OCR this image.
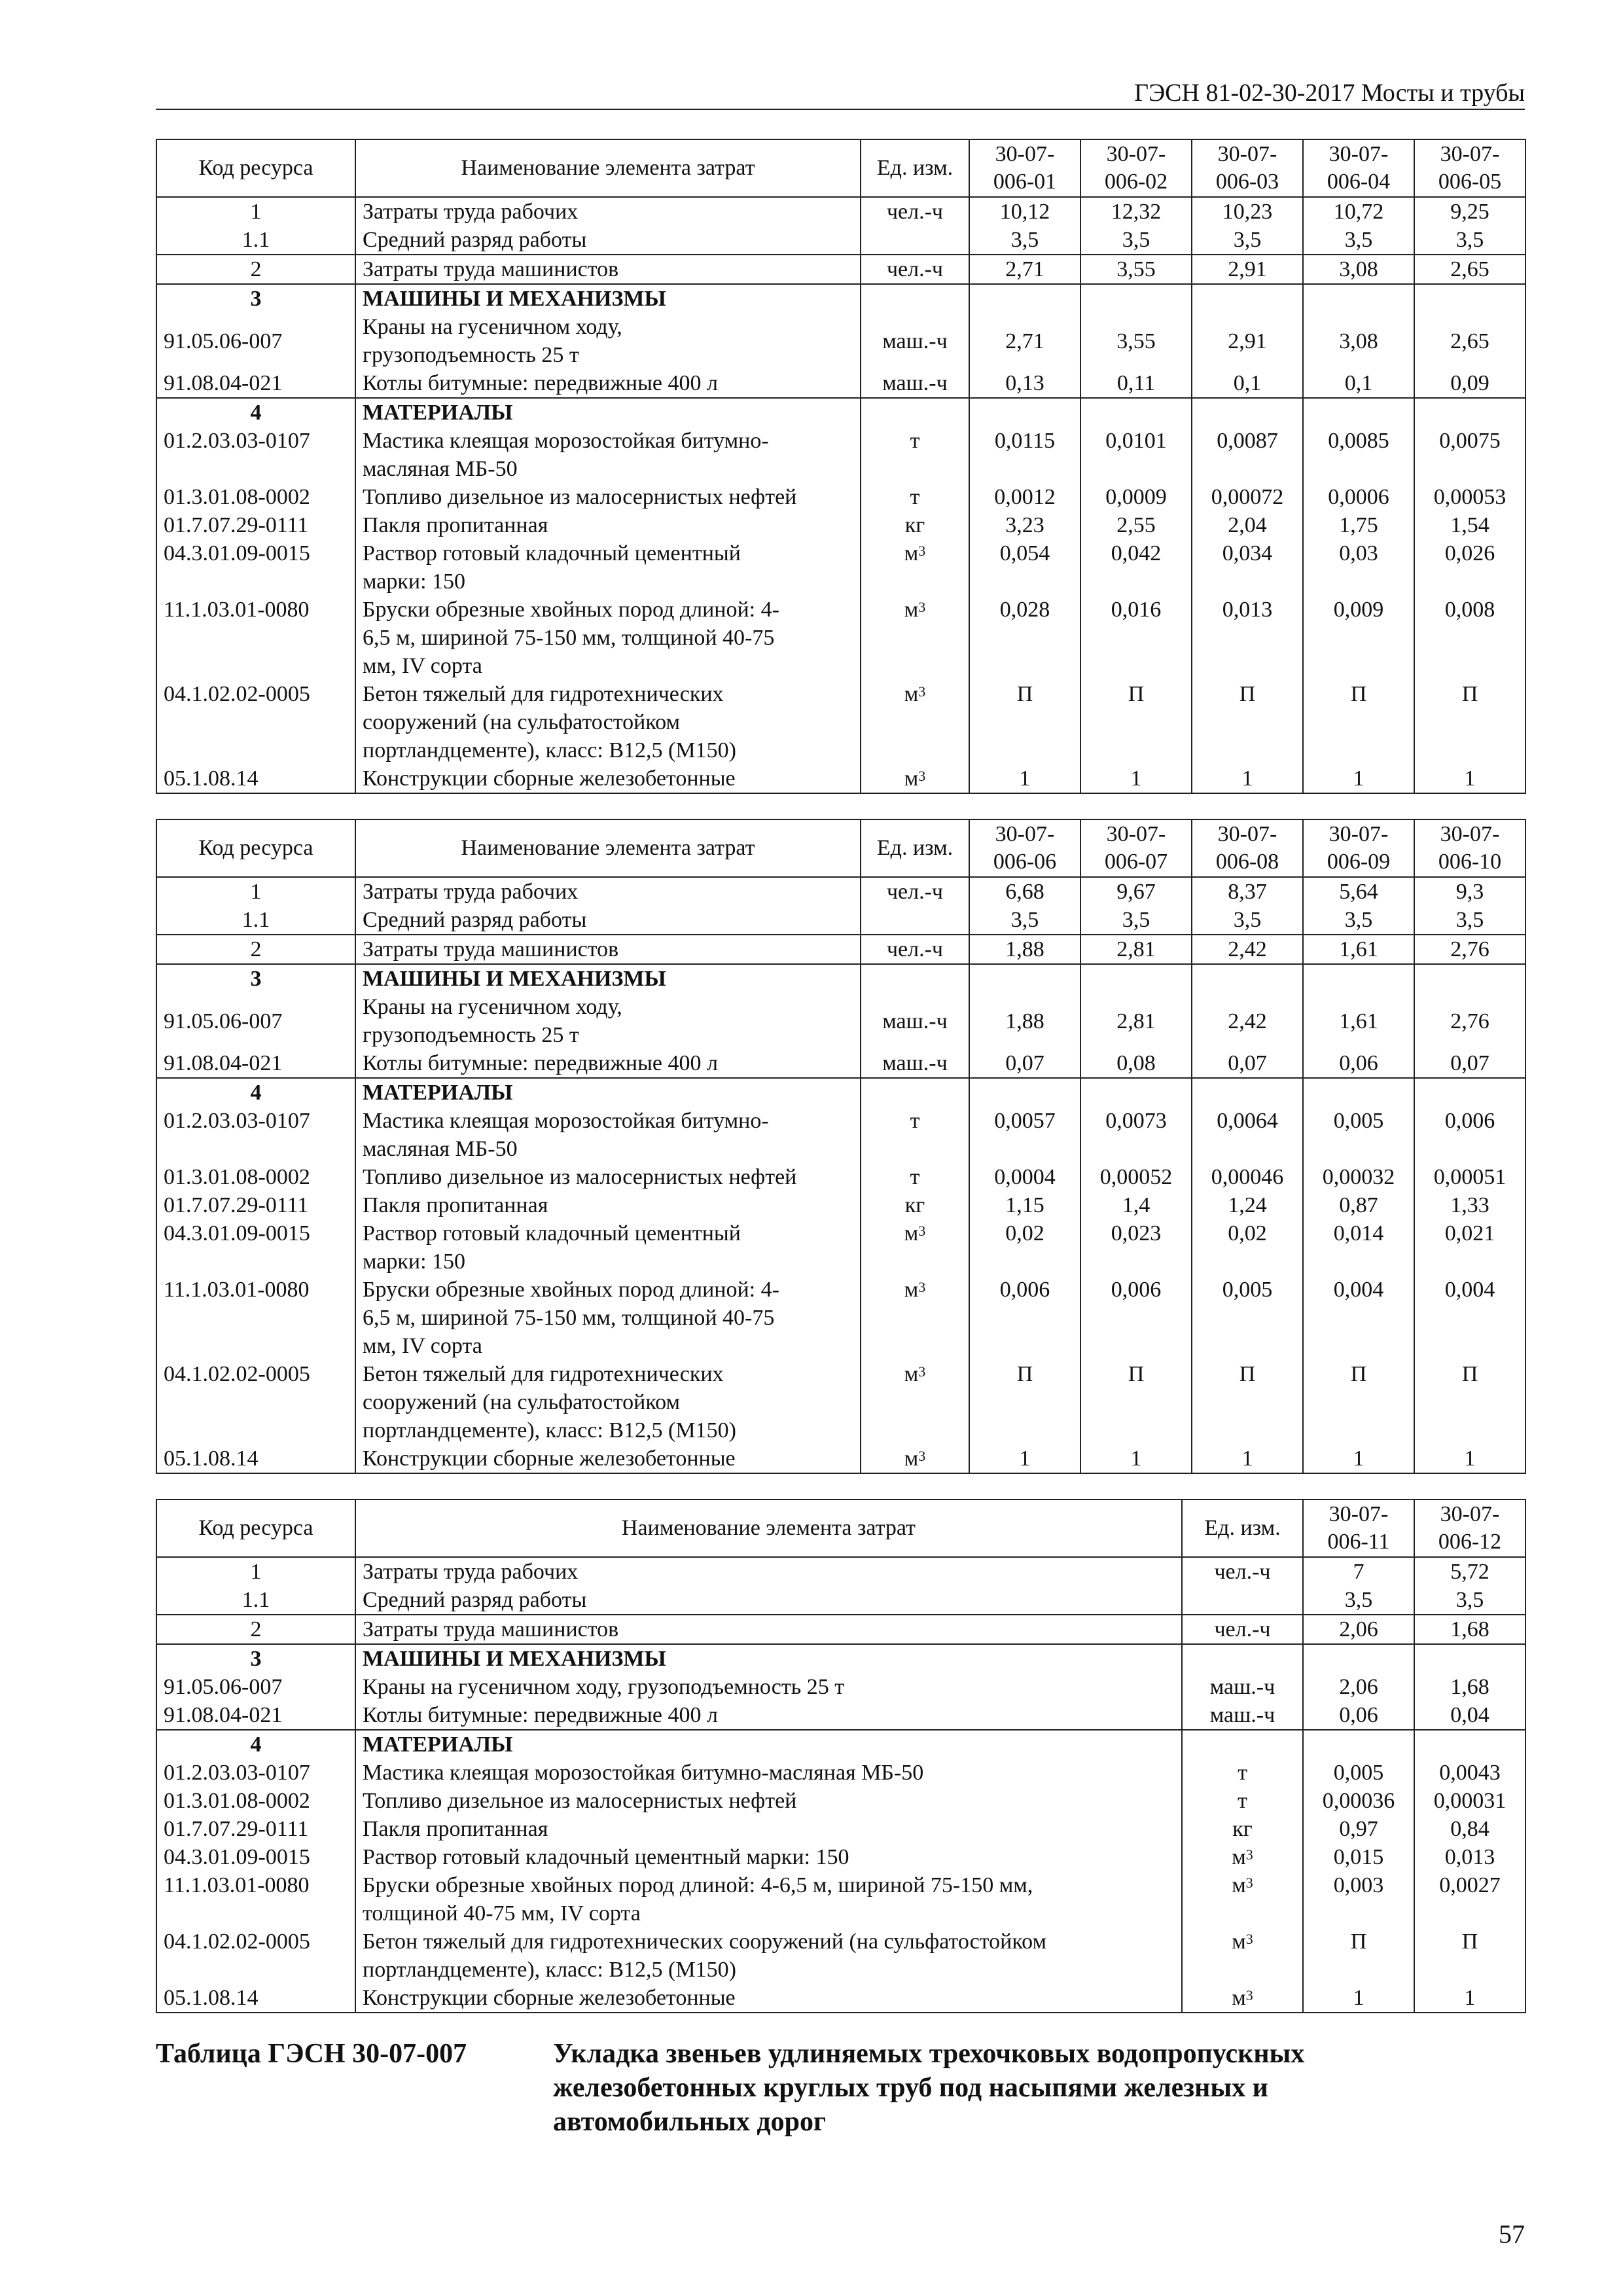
ГЭСН 81-02-30-2017 Мосты и трубы
Код ресурса	Наименование элемента затрат	Ед. изм.	30-07-
006-01	30-07-
006-02	30-07-
006-03	30-07-
006-04	30-07-
006-05
1	Затраты труда рабочих	чел.-ч	10,12	12,32	10,23	10,72	9,25
1.1	Средний разряд работы		3,5	3,5	3,5	3,5	3,5
2	Затраты труда машинистов	чел.-ч	2,71	3,55	2,91	3,08	2,65
3	МАШИНЫ И МЕХАНИЗМЫ						
91.05.06-007	Краны на гусеничном ходу,
грузоподъемность 25 т	маш.-ч	2,71	3,55	2,91	3,08	2,65
91.08.04-021	Котлы битумные: передвижные 400 л	маш.-ч	0,13	0,11	0,1	0,1	0,09
4	МАТЕРИАЛЫ						
01.2.03.03-0107	Мастика клеящая морозостойкая битумно-
масляная МБ-50	т	0,0115	0,0101	0,0087	0,0085	0,0075
01.3.01.08-0002	Топливо дизельное из малосернистых нефтей	т	0,0012	0,0009	0,00072	0,0006	0,00053
01.7.07.29-0111	Пакля пропитанная	кг	3,23	2,55	2,04	1,75	1,54
04.3.01.09-0015	Раствор готовый кладочный цементный
марки: 150	$м^3$	0,054	0,042	0,034	0,03	0,026
11.1.03.01-0080	Бруски обрезные хвойных пород длиной: 4-
6,5 м, шириной 75-150 мм, толщиной 40-75
мм, IV сорта	$м^3$	0,028	0,016	0,013	0,009	0,008
04.1.02.02-0005	Бетон тяжелый для гидротехнических
сооружений (на сульфатостойком
портландцементе), класс: В12,5 (М150)	$м^3$	П	П	П	П	П
05.1.08.14	Конструкции сборные железобетонные	$м^3$	1	1	1	1	1
Код ресурса	Наименование элемента затрат	Ед. изм.	30-07-
006-06	30-07-
006-07	30-07-
006-08	30-07-
006-09	30-07-
006-10
1	Затраты труда рабочих	чел.-ч	6,68	9,67	8,37	5,64	9,3
1.1	Средний разряд работы		3,5	3,5	3,5	3,5	3,5
2	Затраты труда машинистов	чел.-ч	1,88	2,81	2,42	1,61	2,76
3	МАШИНЫ И МЕХАНИЗМЫ						
91.05.06-007	Краны на гусеничном ходу,
грузоподъемность 25 т	маш.-ч	1,88	2,81	2,42	1,61	2,76
91.08.04-021	Котлы битумные: передвижные 400 л	маш.-ч	0,07	0,08	0,07	0,06	0,07
4	МАТЕРИАЛЫ						
01.2.03.03-0107	Мастика клеящая морозостойкая битумно-
масляная МБ-50	т	0,0057	0,0073	0,0064	0,005	0,006
01.3.01.08-0002	Топливо дизельное из малосернистых нефтей	т	0,0004	0,00052	0,00046	0,00032	0,00051
01.7.07.29-0111	Пакля пропитанная	кг	1,15	1,4	1,24	0,87	1,33
04.3.01.09-0015	Раствор готовый кладочный цементный
марки: 150	$м^3$	0,02	0,023	0,02	0,014	0,021
11.1.03.01-0080	Бруски обрезные хвойных пород длиной: 4-
6,5 м, шириной 75-150 мм, толщиной 40-75
мм, IV сорта	$м^3$	0,006	0,006	0,005	0,004	0,004
04.1.02.02-0005	Бетон тяжелый для гидротехнических
сооружений (на сульфатостойком
портландцементе), класс: В12,5 (М150)	$м^3$	П	П	П	П	П
05.1.08.14	Конструкции сборные железобетонные	$м^3$	1	1	1	1	1
Код ресурса	Наименование элемента затрат	Ед. изм.	30-07-
006-11	30-07-
006-12
1	Затраты труда рабочих	чел.-ч	7	5,72
1.1	Средний разряд работы		3,5	3,5
2	Затраты труда машинистов	чел.-ч	2,06	1,68
3	МАШИНЫ И МЕХАНИЗМЫ			
91.05.06-007	Краны на гусеничном ходу, грузоподъемность 25 т	маш.-ч	2,06	1,68
91.08.04-021	Котлы битумные: передвижные 400 л	маш.-ч	0,06	0,04
4	МАТЕРИАЛЫ			
01.2.03.03-0107	Мастика клеящая морозостойкая битумно-масляная МБ-50	т	0,005	0,0043
01.3.01.08-0002	Топливо дизельное из малосернистых нефтей	т	0,00036	0,00031
01.7.07.29-0111	Пакля пропитанная	кг	0,97	0,84
04.3.01.09-0015	Раствор готовый кладочный цементный марки: 150	$м^3$	0,015	0,013
11.1.03.01-0080	Бруски обрезные хвойных пород длиной: 4-6,5 м, шириной 75-150 мм,
толщиной 40-75 мм, IV сорта	$м^3$	0,003	0,0027
04.1.02.02-0005	Бетон тяжелый для гидротехнических сооружений (на сульфатостойком
портландцементе), класс: В12,5 (М150)	$м^3$	П	П
05.1.08.14	Конструкции сборные железобетонные	$м^3$	1	1
Таблица ГЭСН 30-07-007	Укладка звеньев удлиняемых трехочковых водопропускных
железобетонных круглых труб под насыпями железных и
автомобильных дорог
57
